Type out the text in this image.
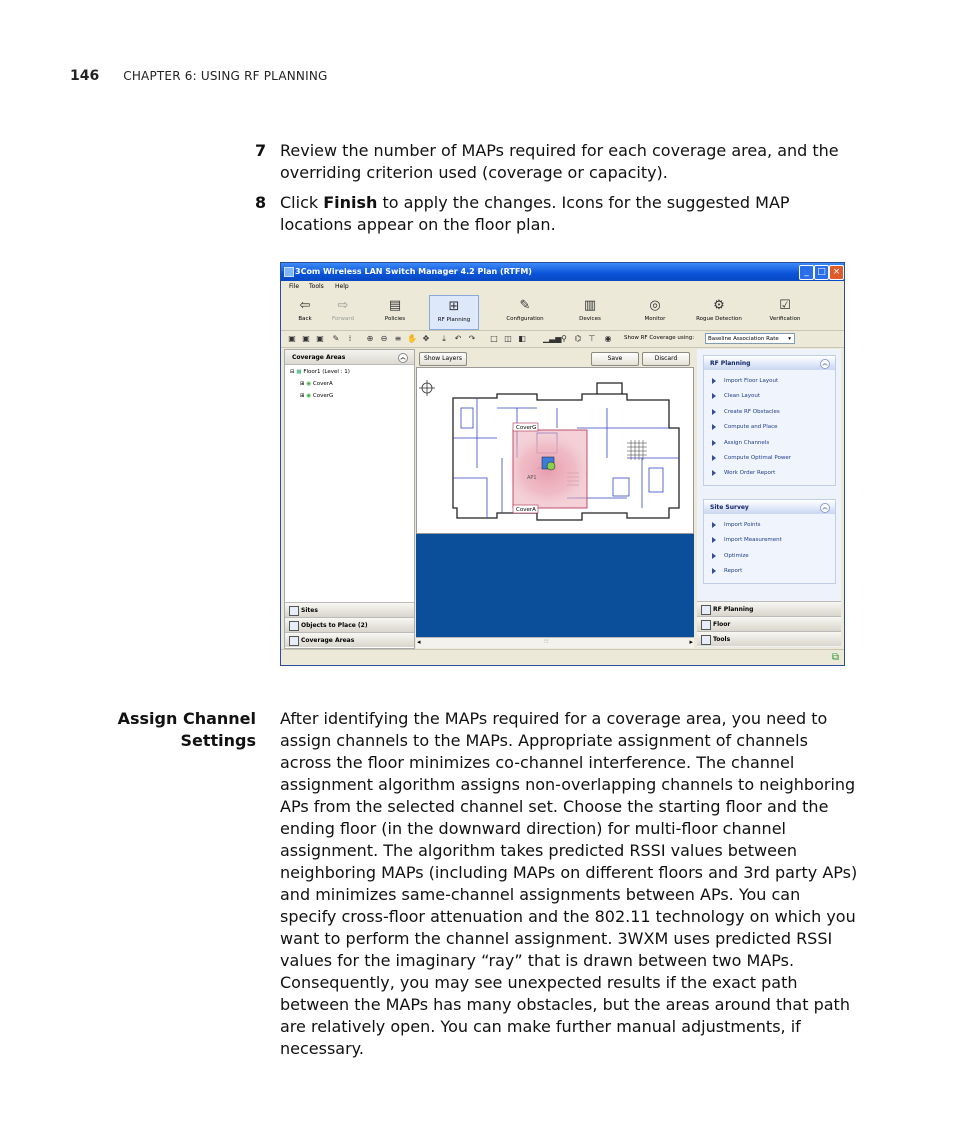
146 CHAPTER 6: USING RF PLANNING
7 Review the number of MAPs required for each coverage area, and the overriding criterion used (coverage or capacity).
8 Click Finish to apply the changes. Icons for the suggested MAP locations appear on the floor plan.
3Com Wireless LAN Switch Manager 4.2 Plan (RTFM)	_ □ ×
File Tools Help
⇦
Back
⇨
Forward
▤
Policies
⊞
RF Planning
✎
Configuration
▥
Devices
◎
Monitor
⚙
Rogue Detection
☑
Verification
▣ ▣ ▣ ✎	⁞	⊕ ⊖ ≡ ✋ ✥	⤓	↶ ↷ □ ◫ ◧ ▁▃▅ ⚲ ⌬ ⊤ ◉ Show RF Coverage using:	Baseline Association Rate ▾
Coverage Areas	︽
⊟ ▦ Floor1 (Level : 1)
⊞ ◉ CoverA
⊞ ◉ CoverG
Sites
Objects to Place (2)
Coverage Areas
Show Layers	Save	Discard
CoverG
CoverA
AP1
◂	⁝⁝⁝	▸
RF Planning	︽
Import Floor Layout
Clean Layout
Create RF Obstacles
Compute and Place
Assign Channels
Compute Optimal Power
Work Order Report
Site Survey	︽
Import Points
Import Measurement
Optimize
Report
RF Planning
Floor
Tools
⧉
Assign Channel
Settings
After identifying the MAPs required for a coverage area, you need to assign channels to the MAPs. Appropriate assignment of channels across the floor minimizes co-channel interference. The channel assignment algorithm assigns non-overlapping channels to neighboring APs from the selected channel set. Choose the starting floor and the ending floor (in the downward direction) for multi-floor channel assignment. The algorithm takes predicted RSSI values between neighboring MAPs (including MAPs on different floors and 3rd party APs) and minimizes same-channel assignments between APs. You can specify cross-floor attenuation and the 802.11 technology on which you want to perform the channel assignment. 3WXM uses predicted RSSI values for the imaginary “ray” that is drawn between two MAPs. Consequently, you may see unexpected results if the exact path between the MAPs has many obstacles, but the areas around that path are relatively open. You can make further manual adjustments, if necessary.
